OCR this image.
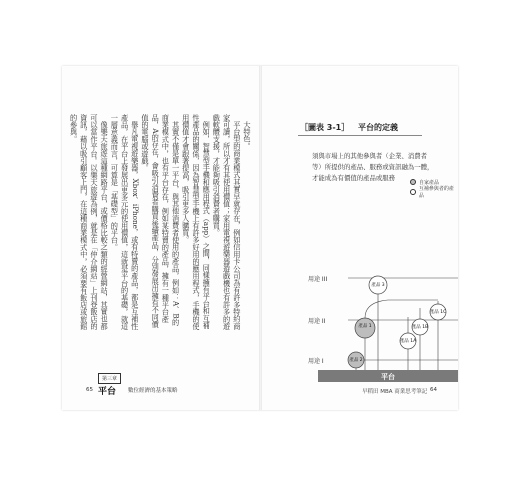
大特色。

平台型的商業模式其實早就存在，例如信用卡公司為有許多特約商家可讀，所以才有其使用價值；家用電視遊樂器遊戲機也有許多的遊戲軟體支援，才能夠吸引消費者購買。

例如，智慧型手機和應用程式（app）之間，同樣擁有平台和互補性產品的關係，因為智慧型手機上有許多好用的應用程式，手機的使用價值才會跟著提高，吸引更多人購買。

其實不僅是單一平台，與其他消費者使用的產品，例如：A、B的商業模式中，也有平台存在，例如某特賣的產品，擁有一種平台產品，A的存在，會吸引消費者購買後續產品，分別發展出擁有不同價值的電腦或遊戲。

舉凡電視遊樂器，Xbox、iPhone，或有特賣的產品，都是互補性產品，在平台上發展出更多元的使用價值，這就是平台的基礎，就這一層意義而言，可算是「基礎型」的平台。

像樂天旅遊這種網路平台，或價格比較之類的經營網站，其實也都可以當作平台。以樂天旅遊為例，就是在「仲介網站」上刊登飯店的資訊，藉以吸引顧客上門，在這種商業模式中，必須要有飯店或旅館的參與。

第三章
平台 數位經濟的基本策略
65
［圖表 3-1］ 平台的定義
須與市場上的其他參與者（企業、消費者等）所提供的產品、服務或資訊融為一體，才能成為有價值的產品或服務
自家產品
互補參與者的產品
用途 III
用途 II
用途 I
平台
產品 1
產品 2
產品 3
產品 1A
產品 1B
產品 1C
早稻田 MBA 商業思考筆記 64
